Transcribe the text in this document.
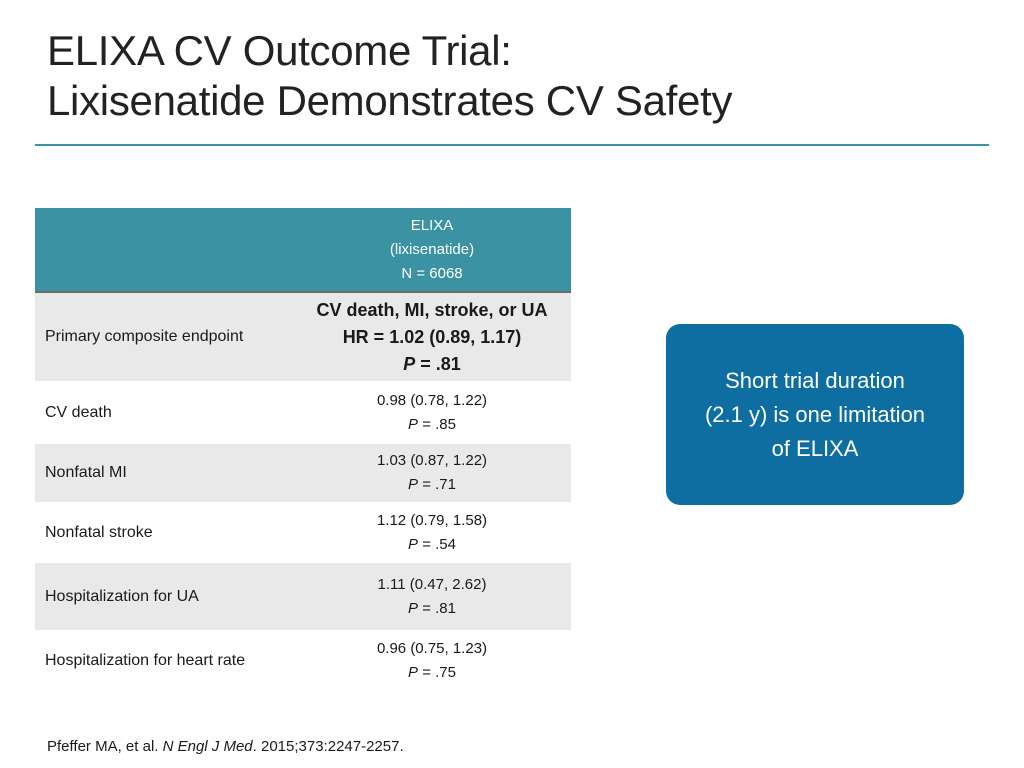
ELIXA CV Outcome Trial:
Lixisenatide Demonstrates CV Safety

	ELIXA
(lixisenatide)
N = 6068

Primary composite endpoint	CV death, MI, stroke, or UA
HR = 1.02 (0.89, 1.17)
P = .81

CV death	0.98 (0.78, 1.22)
P = .85

Nonfatal MI	1.03 (0.87, 1.22)
P = .71

Nonfatal stroke	1.12 (0.79, 1.58)
P = .54

Hospitalization for UA	1.11 (0.47, 2.62)
P = .81

Hospitalization for heart rate	0.96 (0.75, 1.23)
P = .75
Short trial duration
(2.1 y) is one limitation
of ELIXA
Pfeffer MA, et al. N Engl J Med. 2015;373:2247-2257.
